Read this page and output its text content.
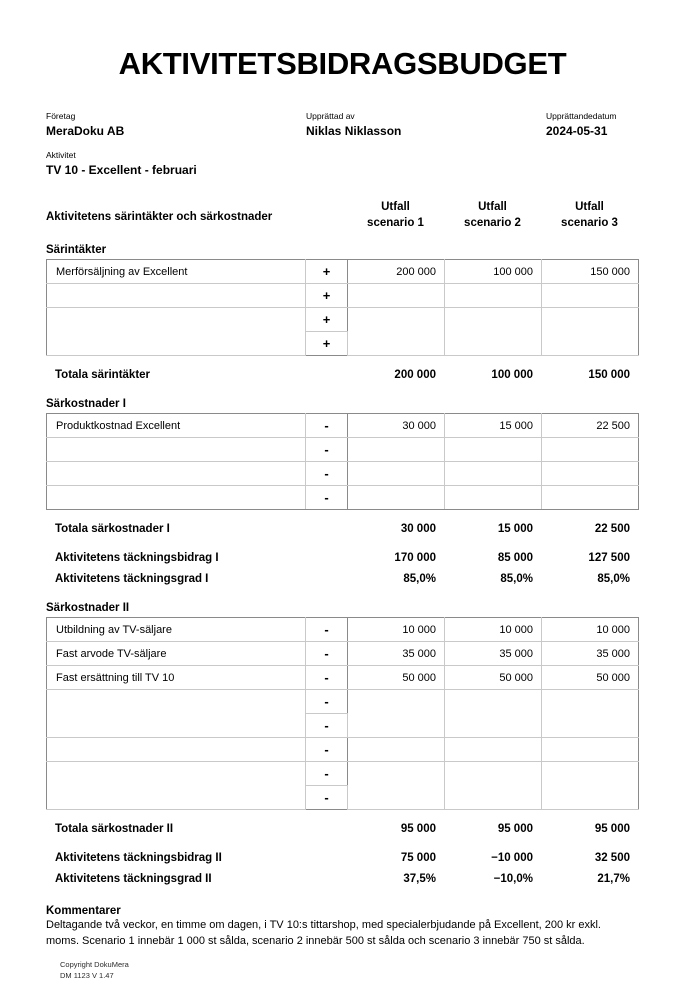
AKTIVITETSBIDRAGSBUDGET
Företag
MeraDoku AB
Upprättad av
Niklas Niklasson
Upprättandedatum
2024-05-31
Aktivitet
TV 10 - Excellent - februari
Aktivitetens särintäkter och särkostnader
Utfall
scenario 1
Utfall
scenario 2
Utfall
scenario 3
Särintäkter
Merförsäljning av Excellent	+	200 000	100 000	150 000
	+			
	+			
	+			
Totala särintäkter	200 000	100 000	150 000
Särkostnader I
Produktkostnad Excellent	-	30 000	15 000	22 500
	-			
	-			
	-			
Totala särkostnader I	30 000	15 000	22 500
Aktivitetens täckningsbidrag I	170 000	85 000	127 500
Aktivitetens täckningsgrad I	85,0%	85,0%	85,0%
Särkostnader II
Utbildning av TV-säljare	-	10 000	10 000	10 000
Fast arvode TV-säljare	-	35 000	35 000	35 000
Fast ersättning till TV 10	-	50 000	50 000	50 000
	-			
	-			
	-			
	-			
	-			
Totala särkostnader II	95 000	95 000	95 000
Aktivitetens täckningsbidrag II	75 000	−10 000	32 500
Aktivitetens täckningsgrad II	37,5%	−10,0%	21,7%
Kommentarer
Deltagande två veckor, en timme om dagen, i TV 10:s tittarshop, med specialerbjudande på Excellent, 200 kr exkl. moms. Scenario 1 innebär 1 000 st sålda, scenario 2 innebär 500 st sålda och scenario 3 innebär 750 st sålda.
Copyright DokuMera
DM 1123 V 1.47
